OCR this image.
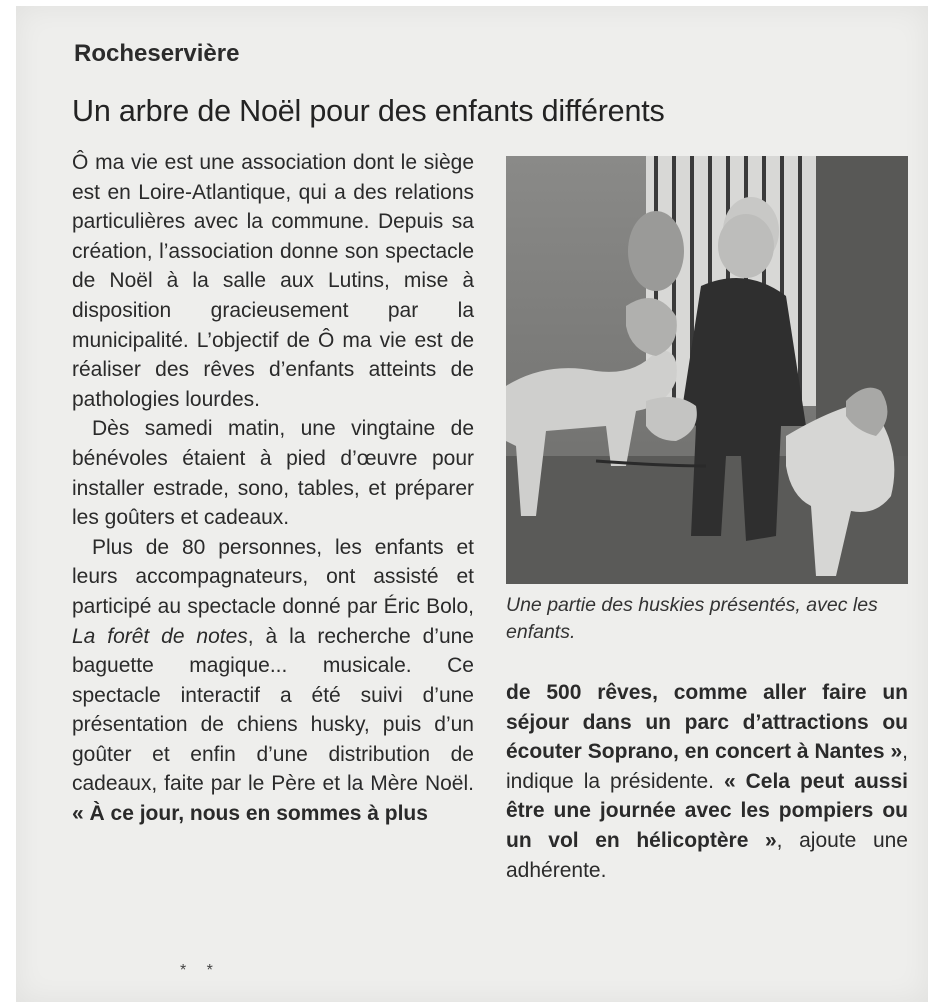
Rocheservière
Un arbre de Noël pour des enfants différents

Ô ma vie est une association dont le siège est en Loire-Atlantique, qui a des relations particulières avec la commune. Depuis sa création, l’association donne son spectacle de Noël à la salle aux Lutins, mise à disposition gracieusement par la municipalité. L’objectif de Ô ma vie est de réaliser des rêves d’enfants atteints de pathologies lourdes.

Dès samedi matin, une vingtaine de bénévoles étaient à pied d’œuvre pour installer estrade, sono, tables, et préparer les goûters et cadeaux.

Plus de 80 personnes, les enfants et leurs accompagnateurs, ont assisté et participé au spectacle donné par Éric Bolo, La forêt de notes, à la recherche d’une baguette magique... musicale. Ce spectacle interactif a été suivi d’une présentation de chiens husky, puis d’un goûter et enfin d’une distribution de cadeaux, faite par le Père et la Mère Noël. « À ce jour, nous en sommes à plus

Une partie des huskies présentés, avec les enfants.

de 500 rêves, comme aller faire un séjour dans un parc d’attractions ou écouter Soprano, en concert à Nantes », indique la présidente. « Cela peut aussi être une journée avec les pompiers ou un vol en hélicoptère », ajoute une adhérente.

* *
